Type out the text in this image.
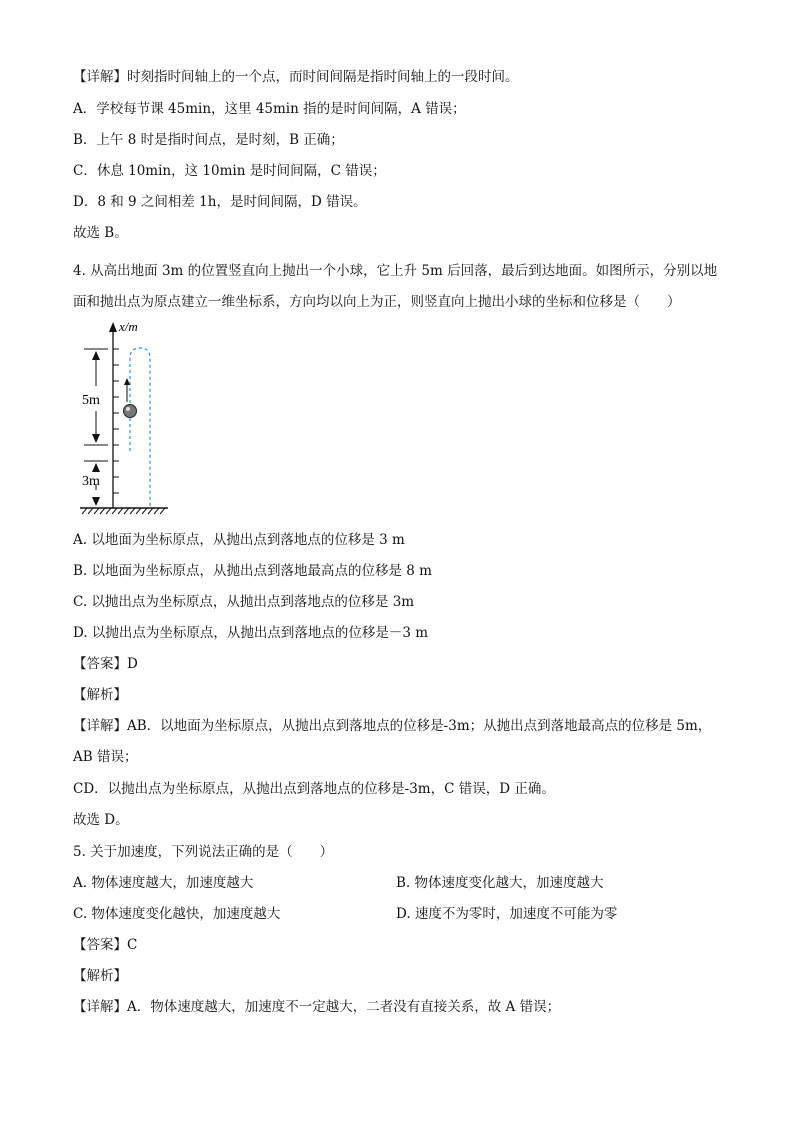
【详解】时刻指时间轴上的一个点，而时间间隔是指时间轴上的一段时间。
A．学校每节课 45min，这里 45min 指的是时间间隔，A 错误；
B．上午 8 时是指时间点，是时刻，B 正确；
C．休息 10min，这 10min 是时间间隔，C 错误；
D．8 和 9 之间相差 1h，是时间间隔，D 错误。
故选 B。
4. 从高出地面 3m 的位置竖直向上抛出一个小球，它上升 5m 后回落，最后到达地面。如图所示，分别以地面和抛出点为原点建立一维坐标系，方向均以向上为正，则竖直向上抛出小球的坐标和位移是（　　）
x/m
5m
3m
A. 以地面为坐标原点，从抛出点到落地点的位移是 3 m
B. 以地面为坐标原点，从抛出点到落地最高点的位移是 8 m
C. 以抛出点为坐标原点，从抛出点到落地点的位移是 3m
D. 以抛出点为坐标原点，从抛出点到落地点的位移是－3 m
【答案】D
【解析】
【详解】AB．以地面为坐标原点，从抛出点到落地点的位移是-3m；从抛出点到落地最高点的位移是 5m，AB 错误；
CD．以抛出点为坐标原点，从抛出点到落地点的位移是-3m，C 错误，D 正确。
故选 D。
5. 关于加速度，下列说法正确的是（　　）
A. 物体速度越大，加速度越大	B. 物体速度变化越大，加速度越大
C. 物体速度变化越快，加速度越大	D. 速度不为零时，加速度不可能为零
【答案】C
【解析】
【详解】A．物体速度越大，加速度不一定越大，二者没有直接关系，故 A 错误；
